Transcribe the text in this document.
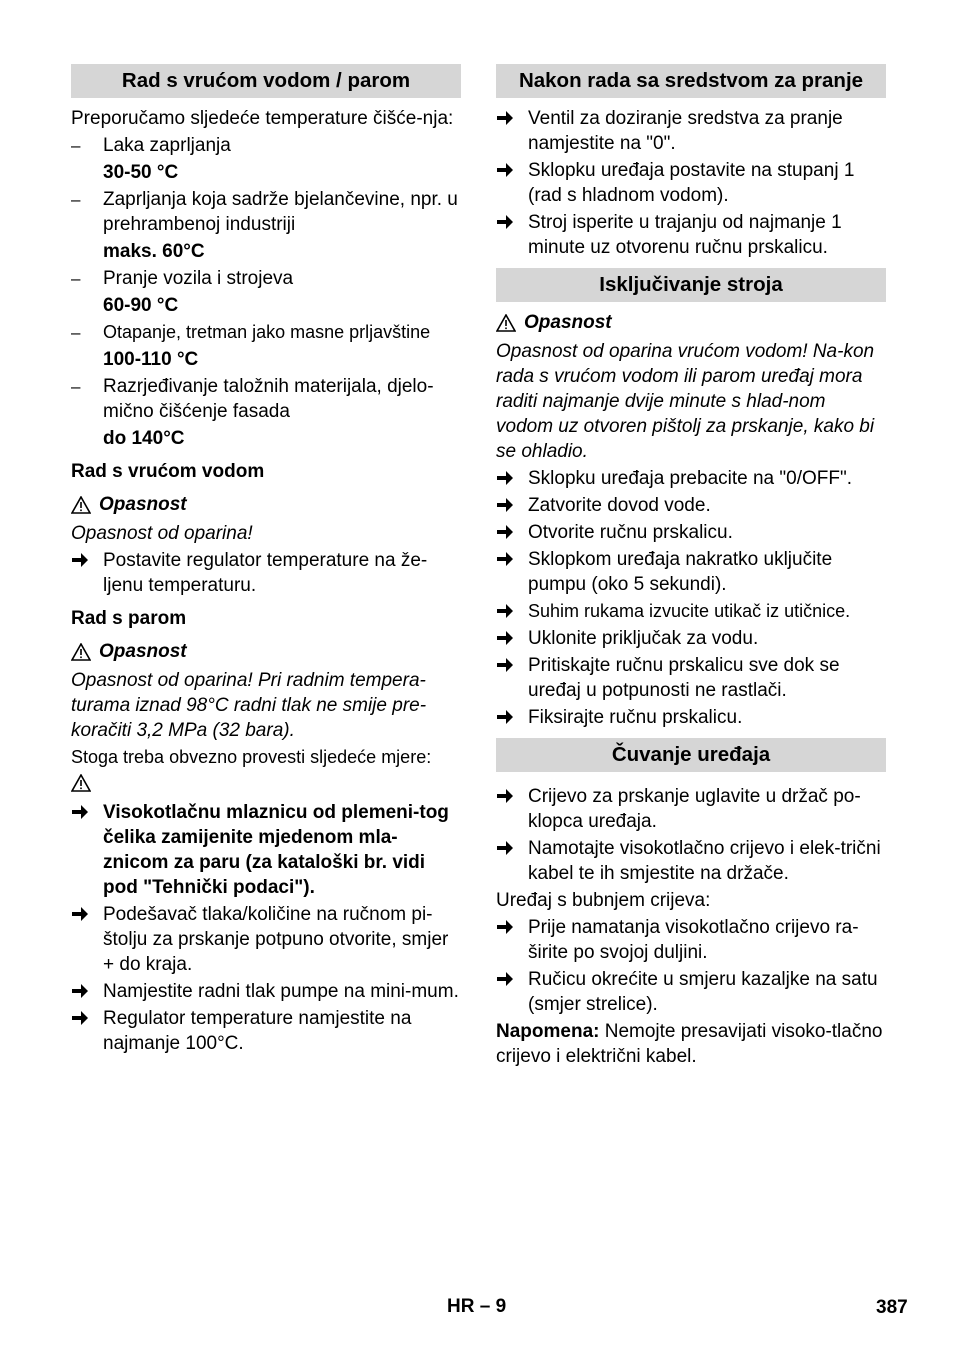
Rad s vrućom vodom / parom
Preporučamo sljedeće temperature čišće-nja:
–	Laka zaprljanja
30-50 °C
–	Zaprljanja koja sadrže bjelančevine, npr. u prehrambenoj industriji
maks. 60°C
–	Pranje vozila i strojeva
60-90 °C
–	Otapanje, tretman jako masne prljavštine
100-110 °C
–	Razrjeđivanje taložnih materijala, djelo-mično čišćenje fasada
do 140°C
Rad s vrućom vodom
Opasnost
Opasnost od oparina!
Postavite regulator temperature na že-ljenu temperaturu.
Rad s parom
Opasnost
Opasnost od oparina! Pri radnim tempera-turama iznad 98°C radni tlak ne smije pre-koračiti 3,2 MPa (32 bara).
Stoga treba obvezno provesti sljedeće mjere:
Visokotlačnu mlaznicu od plemeni-tog čelika zamijenite mjedenom mla-znicom za paru (za kataloški br. vidi pod "Tehnički podaci").
Podešavač tlaka/količine na ručnom pi-štolju za prskanje potpuno otvorite, smjer + do kraja.
Namjestite radni tlak pumpe na mini-mum.
Regulator temperature namjestite na najmanje 100°C.
Nakon rada sa sredstvom za pranje
Ventil za doziranje sredstva za pranje namjestite na "0".
Sklopku uređaja postavite na stupanj 1 (rad s hladnom vodom).
Stroj isperite u trajanju od najmanje 1 minute uz otvorenu ručnu prskalicu.
Isključivanje stroja
Opasnost
Opasnost od oparina vrućom vodom! Na-kon rada s vrućom vodom ili parom uređaj mora raditi najmanje dvije minute s hlad-nom vodom uz otvoren pištolj za prskanje, kako bi se ohladio.
Sklopku uređaja prebacite na "0/OFF".
Zatvorite dovod vode.
Otvorite ručnu prskalicu.
Sklopkom uređaja nakratko uključite pumpu (oko 5 sekundi).
Suhim rukama izvucite utikač iz utičnice.
Uklonite priključak za vodu.
Pritiskajte ručnu prskalicu sve dok se uređaj u potpunosti ne rastlači.
Fiksirajte ručnu prskalicu.
Čuvanje uređaja
Crijevo za prskanje uglavite u držač po-klopca uređaja.
Namotajte visokotlačno crijevo i elek-trični kabel te ih smjestite na držače.
Uređaj s bubnjem crijeva:
Prije namatanja visokotlačno crijevo ra-širite po svojoj duljini.
Ručicu okrećite u smjeru kazaljke na satu (smjer strelice).
Napomena: Nemojte presavijati visoko-tlačno crijevo i električni kabel.
HR – 9	387
